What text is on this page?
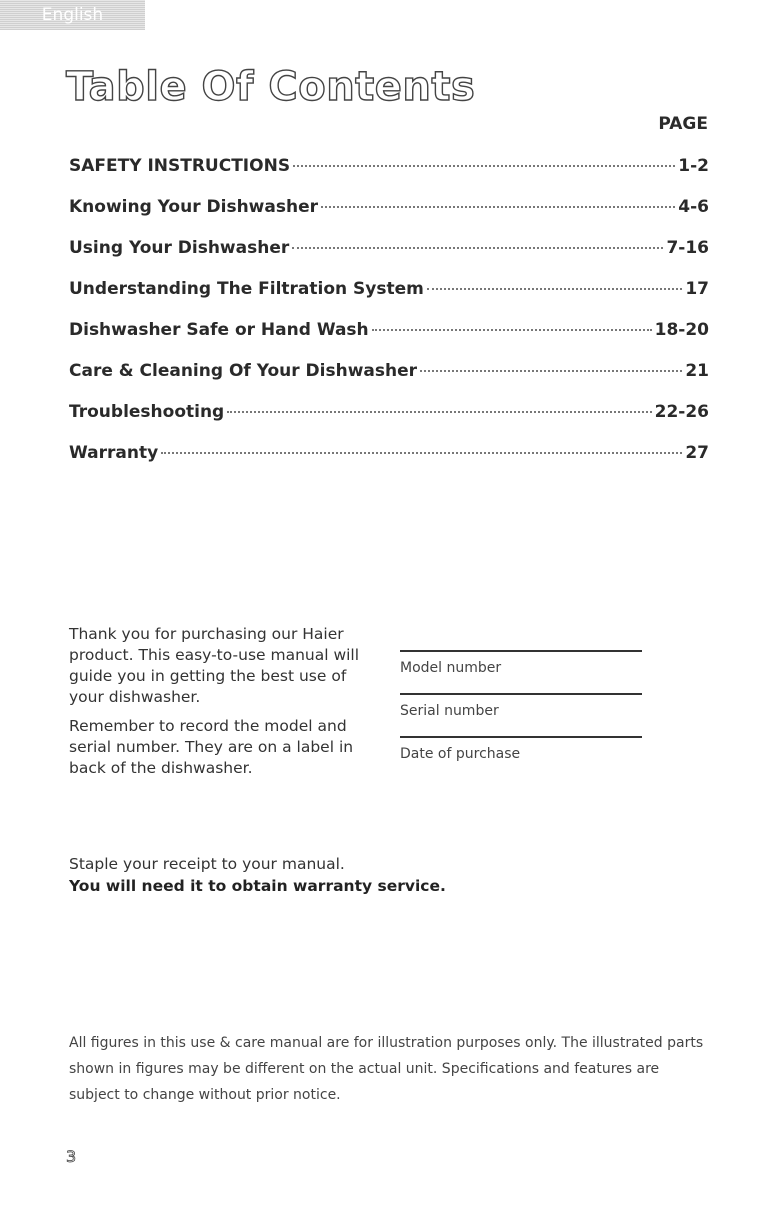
English
Table Of Contents
PAGE
SAFETY INSTRUCTIONS	1-2
Knowing Your Dishwasher	4-6
Using Your Dishwasher	7-16
Understanding The Filtration System	17
Dishwasher Safe or Hand Wash	18-20
Care & Cleaning Of Your Dishwasher	21
Troubleshooting	22-26
Warranty	27

Thank you for purchasing our Haier product. This easy-to-use manual will guide you in getting the best use of your dishwasher.

Remember to record the model and serial number. They are on a label in back of the dishwasher.

Model number
Serial number
Date of purchase
Staple your receipt to your manual.
You will need it to obtain warranty service.

All figures in this use & care manual are for illustration purposes only. The illustrated parts shown in figures may be different on the actual unit. Specifications and features are subject to change without prior notice.

3
